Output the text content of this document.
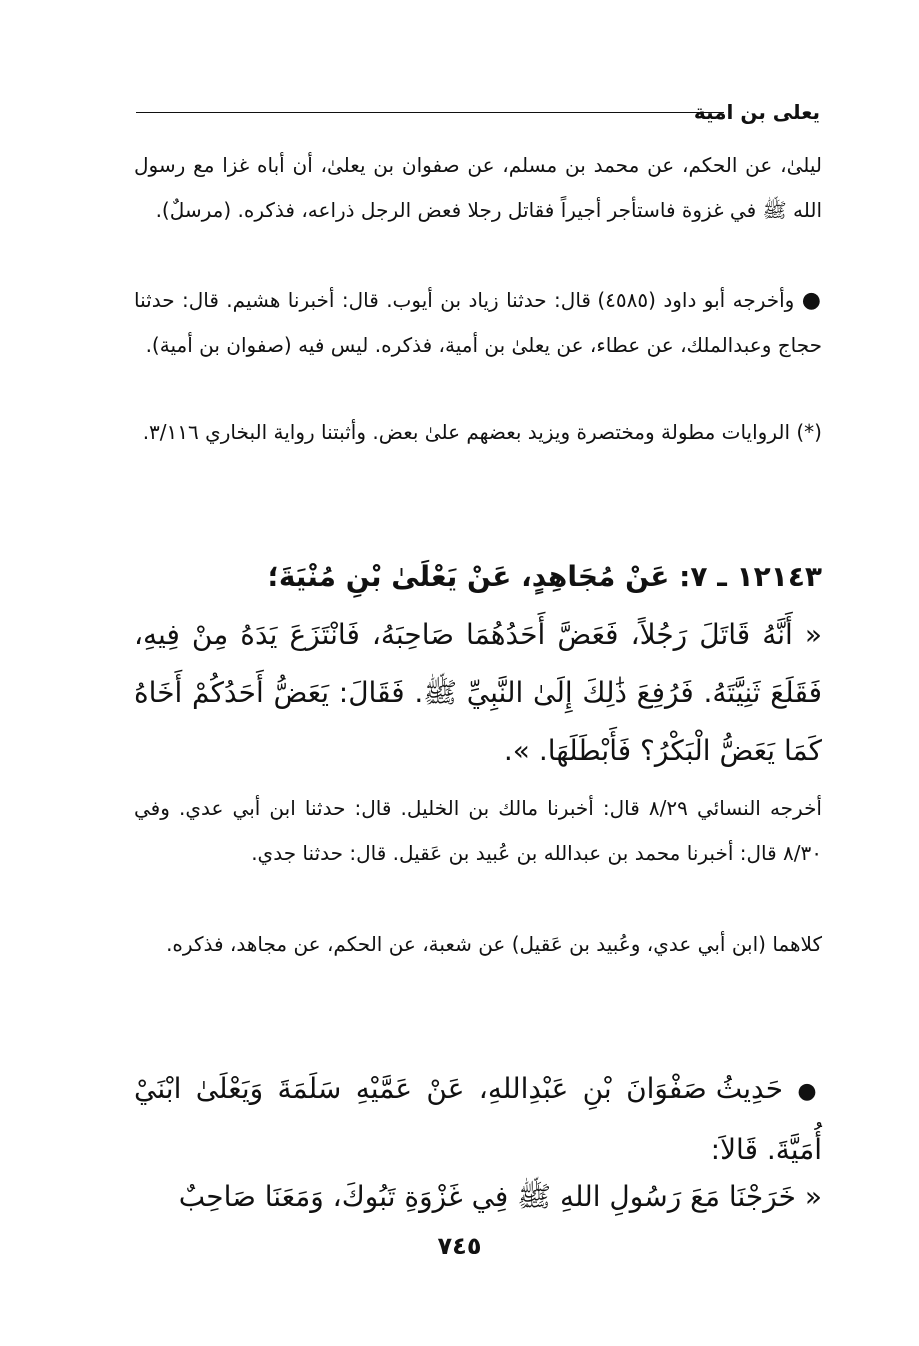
يعلى بن امية
ليلىٰ، عن الحكم، عن محمد بن مسلم، عن صفوان بن يعلىٰ، أن أباه غزا مع رسول الله ﷺ في غزوة فاستأجر أجيراً فقاتل رجلا فعض الرجل ذراعه، فذكره. (مرسلٌ).
● وأخرجه أبو داود (٤٥٨٥) قال: حدثنا زياد بن أيوب. قال: أخبرنا هشيم. قال: حدثنا حجاج وعبدالملك، عن عطاء، عن يعلىٰ بن أمية، فذكره. ليس فيه (صفوان بن أمية).
(*) الروايات مطولة ومختصرة ويزيد بعضهم علىٰ بعض. وأثبتنا رواية البخاري ٣/١١٦.
١٢١٤٣ ـ ٧: عَنْ مُجَاهِدٍ، عَنْ يَعْلَىٰ بْنِ مُنْيَةَ؛
« أَنَّهُ قَاتَلَ رَجُلاً، فَعَضَّ أَحَدُهُمَا صَاحِبَهُ، فَانْتَزَعَ يَدَهُ مِنْ فِيهِ، فَقَلَعَ ثَنِيَّتَهُ. فَرُفِعَ ذَٰلِكَ إِلَىٰ النَّبِيِّ ﷺ. فَقَالَ: يَعَضُّ أَحَدُكُمْ أَخَاهُ كَمَا يَعَضُّ الْبَكْرُ؟ فَأَبْطَلَهَا. ».
أخرجه النسائي ٨/٢٩ قال: أخبرنا مالك بن الخليل. قال: حدثنا ابن أبي عدي. وفي ٨/٣٠ قال: أخبرنا محمد بن عبدالله بن عُبيد بن عَقيل. قال: حدثنا جدي.
كلاهما (ابن أبي عدي، وعُبيد بن عَقيل) عن شعبة، عن الحكم، عن مجاهد، فذكره.
● حَدِيثُ صَفْوَانَ بْنِ عَبْدِاللهِ، عَنْ عَمَّيْهِ سَلَمَةَ وَيَعْلَىٰ ابْنَيْ أُمَيَّةَ. قَالاَ:
« خَرَجْنَا مَعَ رَسُولِ اللهِ ﷺ فِي غَزْوَةِ تَبُوكَ، وَمَعَنَا صَاحِبٌ
٧٤٥
